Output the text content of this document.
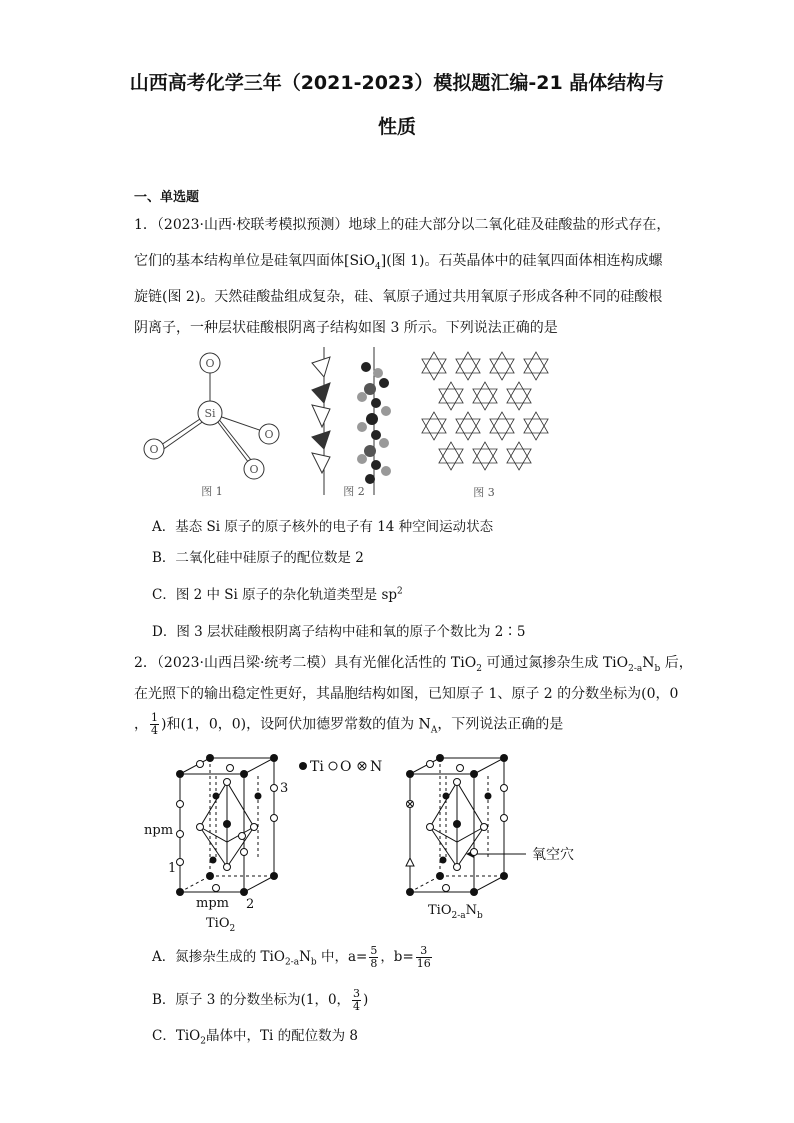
山西高考化学三年（2021-2023）模拟题汇编-21 晶体结构与
性质
一、单选题
1．（2023·山西·校联考模拟预测）地球上的硅大部分以二氧化硅及硅酸盐的形式存在，
它们的基本结构单位是硅氧四面体[SiO$_4$](图 1)。石英晶体中的硅氧四面体相连构成螺
旋链(图 2)。天然硅酸盐组成复杂，硅、氧原子通过共用氧原子形成各种不同的硅酸根
阴离子，一种层状硅酸根阴离子结构如图 3 所示。下列说法正确的是
Si
O
O
O
O
图 1	图 2	图 3
A．基态 Si 原子的原子核外的电子有 14 种空间运动状态
B．二氧化硅中硅原子的配位数是 2
C．图 2 中 Si 原子的杂化轨道类型是 $sp^2$
D．图 3 层状硅酸根阴离子结构中硅和氧的原子个数比为 2∶5
2．（2023·山西吕梁·统考二模）具有光催化活性的 TiO$_2$ 可通过氮掺杂生成 $TiO_{2-a}N_b$ 后，
在光照下的输出稳定性更好，其晶胞结构如图，已知原子 1、原子 2 的分数坐标为(0，0
， $\frac{1}{4}$ )和(1，0，0)，设阿伏加德罗常数的值为 $N_A$，下列说法正确的是
Ti O N
npm
mpm
1
2
3
TiO$_2$
氧空穴
$TiO_{2-a}N_b$
A．氮掺杂生成的 $TiO_{2-a}N_b$ 中，$a= \frac{5}{8}$ ，$b= \frac{3}{16}$
B．原子 3 的分数坐标为(1，0， $\frac{3}{4}$ )
C．TiO$_2$晶体中，Ti 的配位数为 8
